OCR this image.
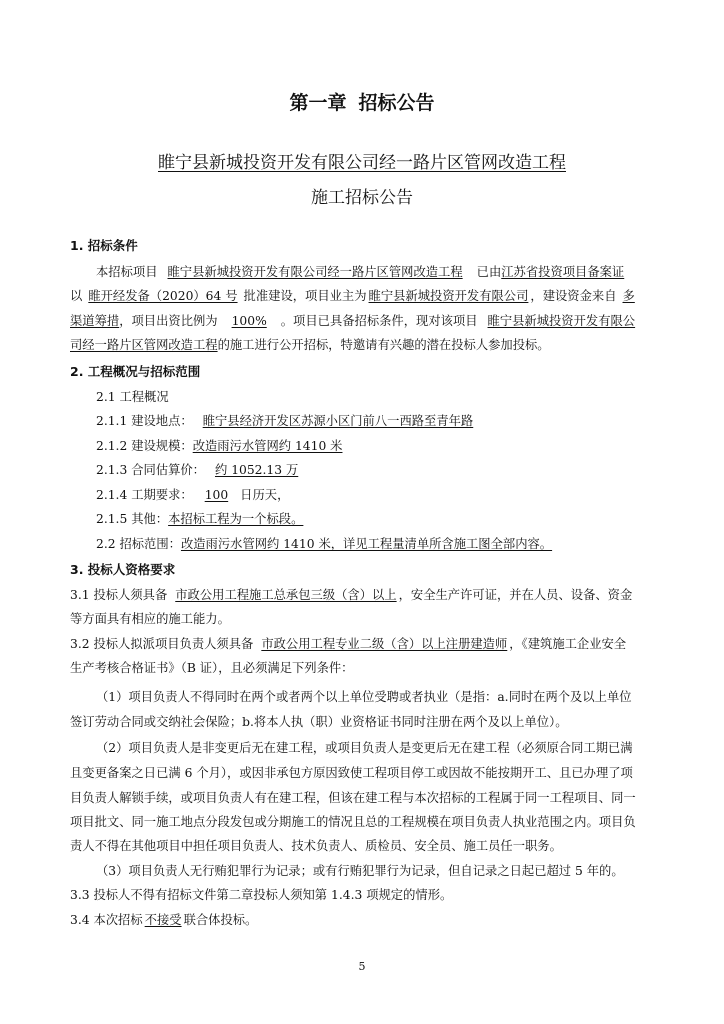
第一章 招标公告
睢宁县新城投资开发有限公司经一路片区管网改造工程
施工招标公告
1. 招标条件
本招标项目 睢宁县新城投资开发有限公司经一路片区管网改造工程 已由江苏省投资项目备案证
以 睢开经发备（2020）64 号 批准建设，项目业主为 睢宁县新城投资开发有限公司 ，建设资金来自 多
渠道筹措，项目出资比例为 100% 。项目已具备招标条件，现对该项目 睢宁县新城投资开发有限公
司经一路片区管网改造工程的施工进行公开招标，特邀请有兴趣的潜在投标人参加投标。
2. 工程概况与招标范围
2.1 工程概况
2.1.1 建设地点： 睢宁县经济开发区苏源小区门前八一西路至青年路
2.1.2 建设规模：改造雨污水管网约 1410 米
2.1.3 合同估算价： 约 1052.13 万
2.1.4 工期要求： 100 日历天，
2.1.5 其他：本招标工程为一个标段。
2.2 招标范围：改造雨污水管网约 1410 米，详见工程量清单所含施工图全部内容。
3. 投标人资格要求
3.1 投标人须具备 市政公用工程施工总承包三级（含）以上 ，安全生产许可证，并在人员、设备、资金
等方面具有相应的施工能力。
3.2 投标人拟派项目负责人须具备 市政公用工程专业二级（含）以上注册建造师 ，《建筑施工企业安全
生产考核合格证书》（B 证），且必须满足下列条件：
（1）项目负责人不得同时在两个或者两个以上单位受聘或者执业（是指：a.同时在两个及以上单位
签订劳动合同或交纳社会保险；b.将本人执（职）业资格证书同时注册在两个及以上单位）。
（2）项目负责人是非变更后无在建工程，或项目负责人是变更后无在建工程（必须原合同工期已满
且变更备案之日已满 6 个月），或因非承包方原因致使工程项目停工或因故不能按期开工、且已办理了项
目负责人解锁手续，或项目负责人有在建工程，但该在建工程与本次招标的工程属于同一工程项目、同一
项目批文、同一施工地点分段发包或分期施工的情况且总的工程规模在项目负责人执业范围之内。项目负
责人不得在其他项目中担任项目负责人、技术负责人、质检员、安全员、施工员任一职务。
（3）项目负责人无行贿犯罪行为记录；或有行贿犯罪行为记录，但自记录之日起已超过 5 年的。
3.3 投标人不得有招标文件第二章投标人须知第 1.4.3 项规定的情形。
3.4 本次招标 不接受 联合体投标。
5
